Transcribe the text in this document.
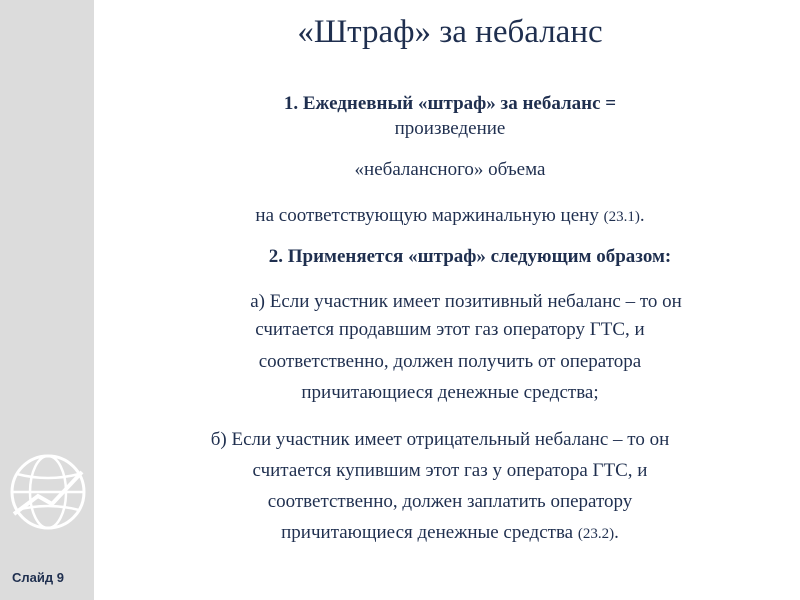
Слайд 9
«Штраф» за небаланс
1. Ежедневный «штраф» за небаланс =
произведение
«небалансного» объема
на соответствующую маржинальную цену (23.1).
2. Применяется «штраф» следующим образом:
а) Если участник имеет позитивный небаланс – то он
считается продавшим этот газ оператору ГТС, и
соответственно, должен получить от оператора
причитающиеся денежные средства;
б) Если участник имеет отрицательный небаланс – то он
считается купившим этот газ у оператора ГТС, и
соответственно, должен заплатить оператору
причитающиеся денежные средства (23.2).
